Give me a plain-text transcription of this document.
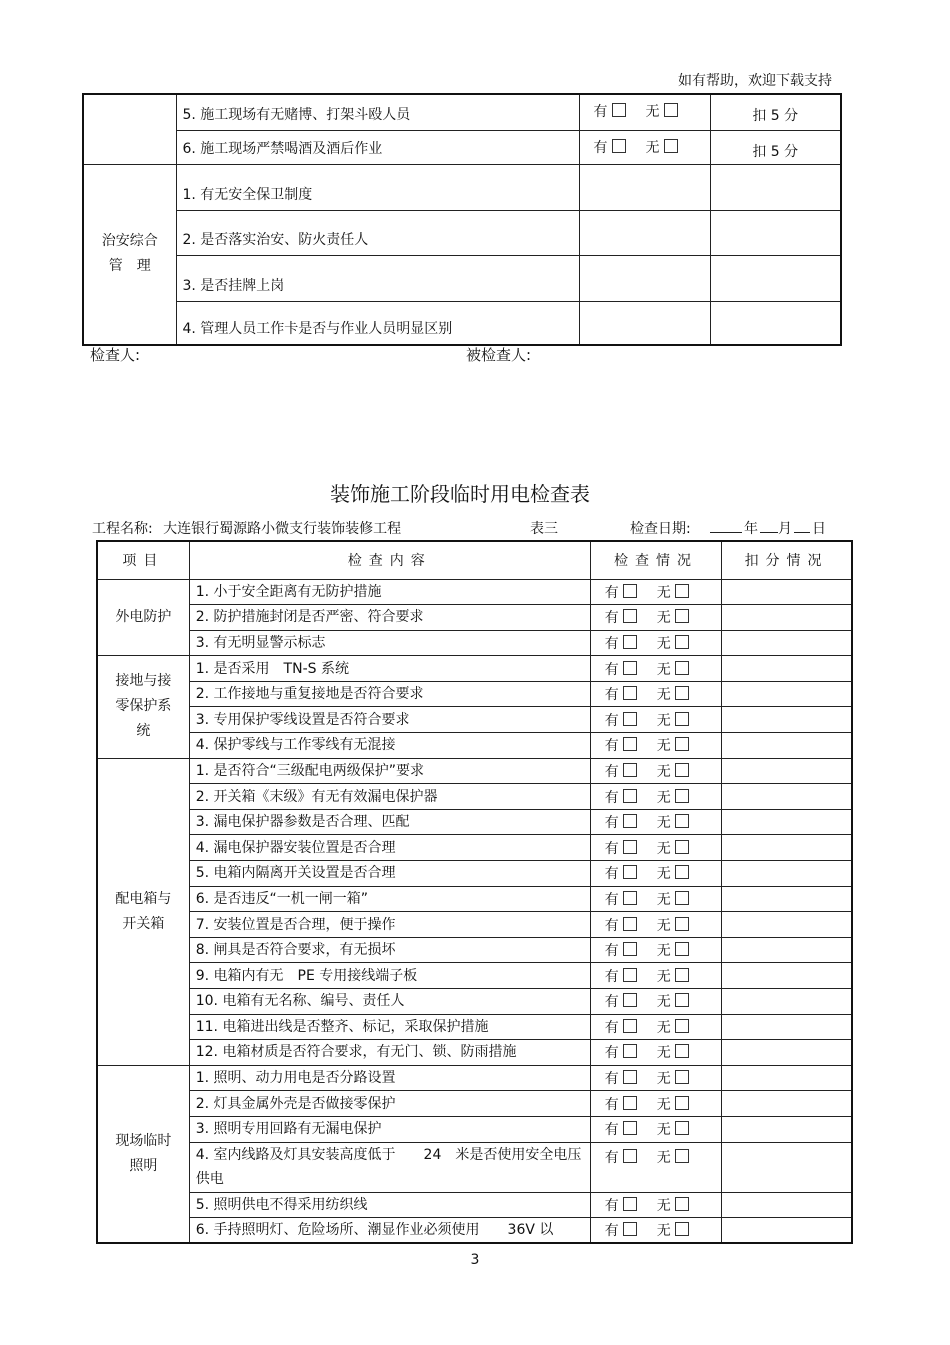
如有帮助，欢迎下载支持
	5. 施工现场有无赌博、打架斗殴人员	有 无	扣 5 分
	6. 施工现场严禁喝酒及酒后作业	有 无	扣 5 分

治安综合
管　理	1. 有无安全保卫制度		
	2. 是否落实治安、防火责任人		
	3. 是否挂牌上岗		
	4. 管理人员工作卡是否与作业人员明显区别		
检查人:	被检查人:
装饰施工阶段临时用电检查表
工程名称: 大连银行蜀源路小微支行装饰装修工程	表三	检查日期:	年 月 日
项目	检查内容	检查情况	扣分情况

外电防护	1. 小于安全距离有无防护措施	有 无	
	2. 防护措施封闭是否严密、符合要求	有 无	
	3. 有无明显警示标志	有 无	

接地与接
零保护系
统	1. 是否采用　TN-S 系统	有 无	
	2. 工作接地与重复接地是否符合要求	有 无	
	3. 专用保护零线设置是否符合要求	有 无	
	4. 保护零线与工作零线有无混接	有 无	

配电箱与
开关箱	1. 是否符合“三级配电两级保护”要求	有 无	
	2. 开关箱《末级》有无有效漏电保护器	有 无	
	3. 漏电保护器参数是否合理、匹配	有 无	
	4. 漏电保护器安装位置是否合理	有 无	
	5. 电箱内隔离开关设置是否合理	有 无	
	6. 是否违反“一机一闸一箱”	有 无	
	7. 安装位置是否合理，便于操作	有 无	
	8. 闸具是否符合要求，有无损坏	有 无	
	9. 电箱内有无　PE 专用接线端子板	有 无	
	10. 电箱有无名称、编号、责任人	有 无	
	11. 电箱进出线是否整齐、标记，采取保护措施	有 无	
	12. 电箱材质是否符合要求，有无门、锁、防雨措施	有 无	

现场临时
照明	1. 照明、动力用电是否分路设置	有 无	
	2. 灯具金属外壳是否做接零保护	有 无	
	3. 照明专用回路有无漏电保护	有 无	
	4. 室内线路及灯具安装高度低于　　24　米是否使用安全电压供电	有 无	
	5. 照明供电不得采用纺织线	有 无	
	6. 手持照明灯、危险场所、潮显作业必须使用　　36V 以	有 无	
3
